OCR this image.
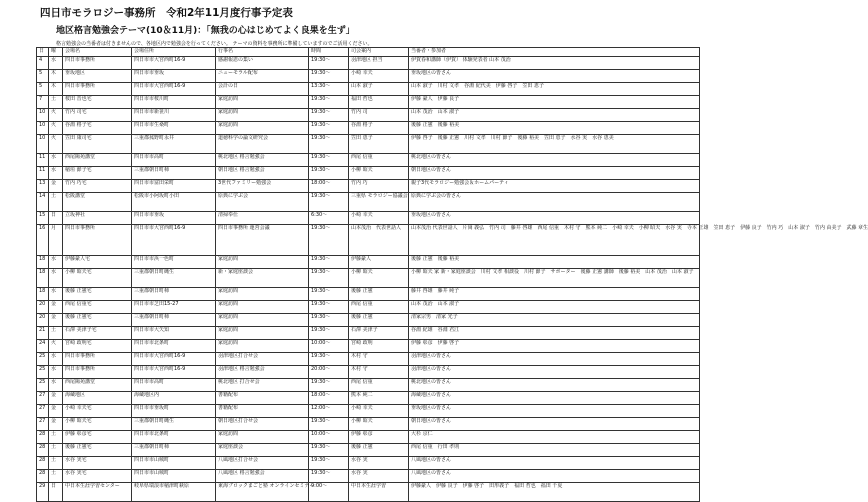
四日市モラロジー事務所　令和2年11月度行事予定表
地区格言勉強会テーマ(10＆11月)：「無我の心はじめてよく良果を生ず」
格言勉強会の当番者は付きませんので、各地区内で勉強会を行ってください。 テーマの資料を事務所に準備していますのでご活用ください。
日	曜	会場名	会場住所	行事名	時間	司会案内	当番者・参加者
4	水	四日市事務所	四日市市大宮西町16-9	感謝報恩の集い	19:30～	羽津地区 担当	伊賀春和講師（伊賀） 体験発表者 山本 茂治
5	木	垂坂地区	四日市市垂坂	ニューモラル配布	19:30～	小崎 幸夫	垂坂地区の皆さん
5	木	四日市事務所	四日市市大宮西町16-9	会計の日	13:30～	山本 淑子	山本 淑子　川村 文孝　谷淵 紀代美　伊藤 啓子　笠田 恵子
7	土	桜田 晋也宅	四日市市桜川町	家庭訪問	19:30～	福田 哲也	伊藤 豪人　伊藤 良子
10	火	竹内 司宅	四日市市新笹川	家庭訪問	19:30～	竹内 司	山本 茂治　山本 淑子
10	火	谷淵 格子宅	四日市市生桑町	家庭訪問	19:30～	谷淵 格子	後藤 正憲　後藤 裕美
10	火	笠田 康司宅	三重郡菰野町永井	道徳科学の論文研究会	19:30～	笠田 恵子	伊藤 啓子　後藤 正憲　川村 文孝　川村 節子　後藤 裕美　笠田 恵子　水谷 実　水谷 恵美
11	水	西尾陽苑講堂	四日市市高町	桃北地区 格言勉強会	19:30～	西尾 信重	桃北地区の皆さん
11	水	稲垣 節子宅	三重郡朝日町柿	朝日地区 格言勉強会	19:30～	小柳 昭夫	朝日地区の皆さん
13	金	竹内 巧宅	四日市市富田栄町	3世代ファミリー勉強会	18:00～	竹内 巧	親子3代モラロジー勉強会＆ホームパーティ
14	土	松阪講堂	松阪市小阿坂町小田	原典に学ぶ会	19:30～	三重県 モラロジー協議会	原典に学ぶ会の皆さん
15	日	立坂神社	四日市市垂坂	清掃奉仕	6:30～	小崎 幸夫	垂坂地区の皆さん
16	月	四日市事務所	四日市市大宮西町16-9	四日市事務所 運営会議	19:30～	山本茂治　代表世話人	山本茂治 代表世話人　片岡 義弘　竹内 司　藤井 啓雄　西尾 信重　木村 守　熊本 純二　小崎 幸夫　小柳 昭夫　水谷 実　寺本 正雄　笠田 恵子　伊藤 良子　竹内 巧　山本 淑子　竹内 由美子　武藤 章生
18	水	伊藤豪人宅	四日市市浜一色町	家庭訪問	19:30～	伊藤豪人	後藤 正憲　後藤 裕美
18	水	小柳 昭夫宅	三重郡朝日町縄生	新・家庭座談会	19:30～	小柳 昭夫	小柳 昭夫 家 新・家庭座談会　川村 文孝 相談役　川村 節子　サポーター　後藤 正憲 講師　後藤 裕美　山本 茂治　山本 淑子
18	水	後藤 正憲宅	三重郡朝日町柿	家庭訪問	19:30～	後藤 正憲	藤井 啓雄　藤井 純子
20	金	西尾 信重宅	四日市市芝田15-27	家庭訪問	19:30～	西尾 信重	山本 茂治　山本 淑子
20	金	後藤 正憲宅	三重郡朝日町柿	家庭訪問	19:30～	後藤 正憲	清家宗男　清家 光子
21	土	石澤 美津子宅	四日市市大矢知	家庭訪問	19:30～	石澤 美津子	谷淵 紀雄　谷淵 君江
24	火	宮崎 政明宅	四日市市北条町	家庭訪問	10:00～	宮崎 政明	伊藤 彰彦　伊藤 啓子
25	水	四日市事務所	四日市市大宮西町16-9	羽津地区打合せ会	19:30～	木村 守	羽津地区の皆さん
25	水	四日市事務所	四日市市大宮西町16-9	羽津地区 格言勉強会	20:00～	木村 守	羽津地区の皆さん
25	水	西尾陽苑講堂	四日市市高町	桃北地区 打合せ会	19:30～	西尾 信重	桃北地区の皆さん
27	金	海蔵地区	海蔵地区内	書籍配布	18:00～	熊本 純二	海蔵地区の皆さん
27	金	小崎 幸夫宅	四日市市垂坂町	書籍配布	12:00～	小崎 幸夫	垂坂地区の皆さん
27	金	小柳 昭夫宅	三重郡朝日町縄生	朝日地区打合せ会	19:30～	小柳 昭夫	朝日地区の皆さん
28	土	伊藤 彰彦宅	四日市市北条町	家庭訪問	10:00～	伊藤 彰彦	大杉 京仁
28	土	後藤 正憲宅	三重郡朝日町柿	家庭座談会	19:30～	後藤 正憲	西尾 信重　行田 孝則
28	土	水谷 実宅	四日市市山城町	八風地区打合せ会	19:30～	水谷 実	八風地区の皆さん
28	土	水谷 実宅	四日市市山城町	八風地区 格言勉強会	19:30～	水谷 実	八風地区の皆さん
29	日	中日本生涯学習センター	岐阜県瑞浪市稲津町萩原	東海ブロックまごと塾 オンラインセミナー	9:00～	中日本生涯学習	伊藤豪人　伊藤 良子　伊藤 啓子　田形義子　福田 哲也　福田 千夏
